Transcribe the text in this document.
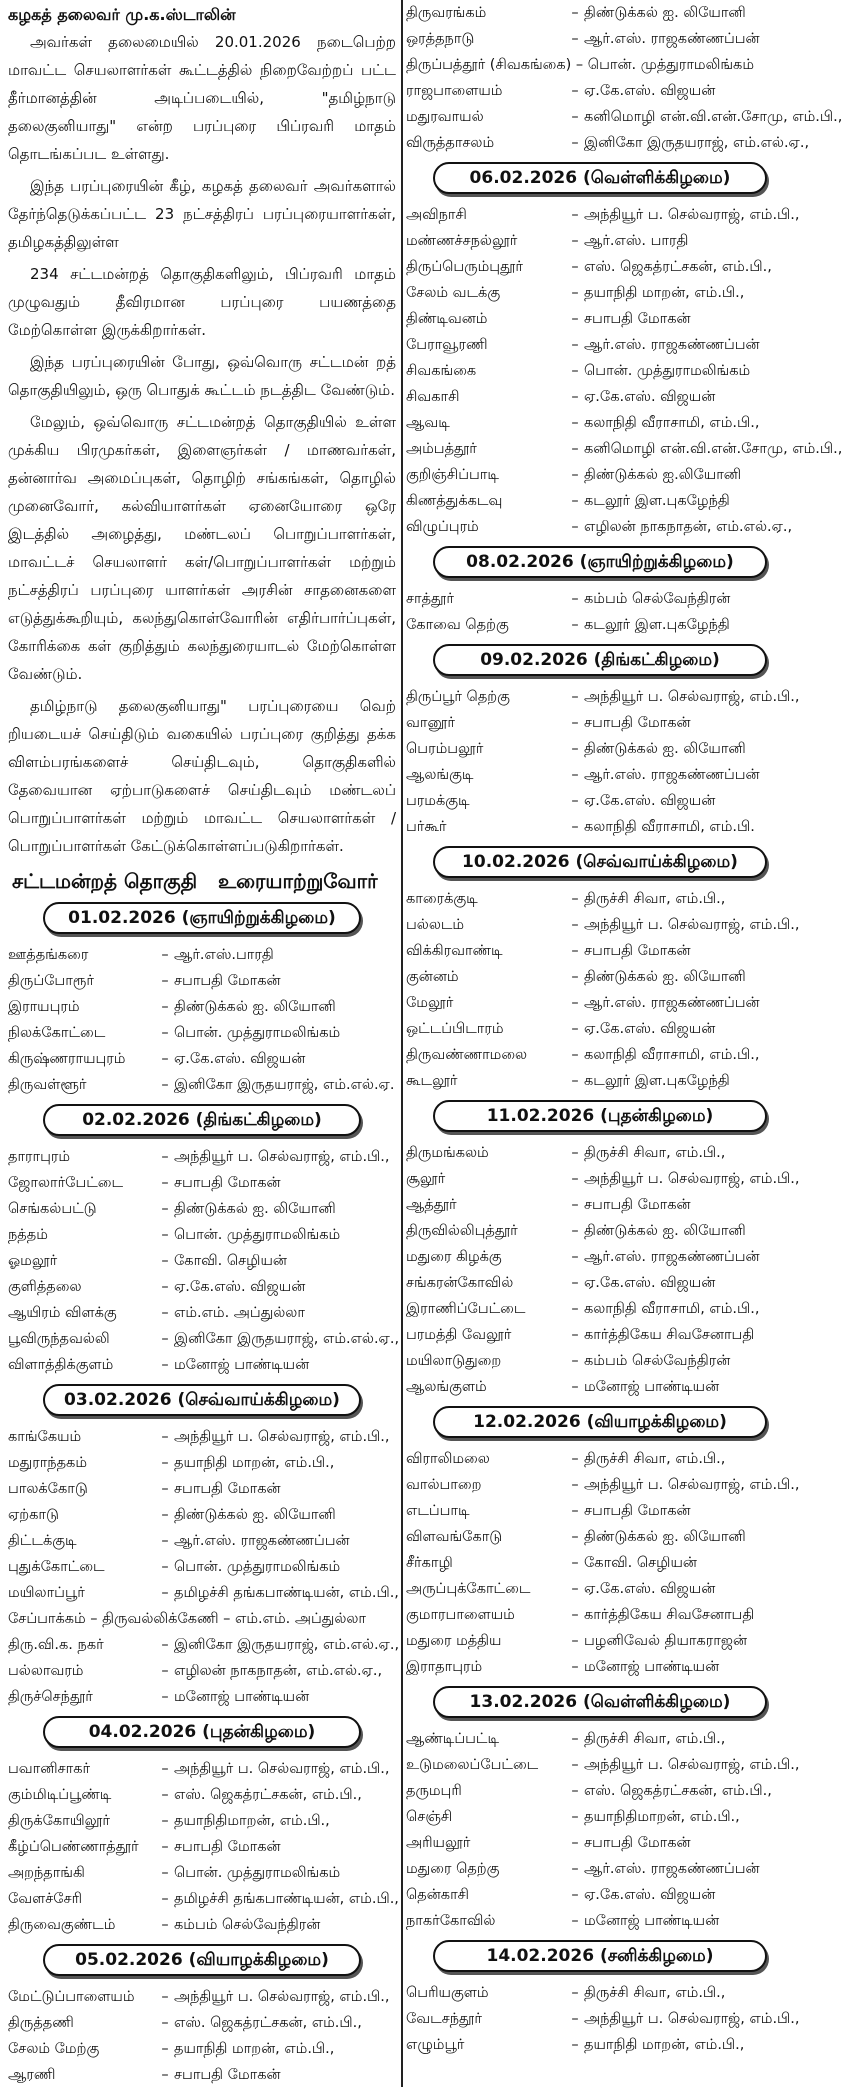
கழகத் தலைவர் மு.க.ஸ்டாலின்

அவர்கள் தலைமையில் 20.01.2026 நடைபெற்ற மாவட்ட செயலாளர்கள் கூட்டத்தில் நிறைவேற்றப் பட்ட தீர்மானத்தின் அடிப்படையில், "தமிழ்நாடு தலைகுனியாது" என்ற பரப்புரை பிப்ரவரி மாதம் தொடங்கப்பட உள்ளது.

இந்த பரப்புரையின் கீழ், கழகத் தலைவர் அவர்களால் தேர்ந்தெடுக்கப்பட்ட 23 நட்சத்திரப் பரப்புரையாளர்கள், தமிழகத்திலுள்ள

234 சட்டமன்றத் தொகுதிகளிலும், பிப்ரவரி மாதம் முழுவதும் தீவிரமான பரப்புரை பயணத்தை மேற்கொள்ள இருக்கிறார்கள்.

இந்த பரப்புரையின் போது, ஒவ்வொரு சட்டமன் றத் தொகுதியிலும், ஒரு பொதுக் கூட்டம் நடத்திட வேண்டும்.

மேலும், ஒவ்வொரு சட்டமன்றத் தொகுதியில் உள்ள முக்கிய பிரமுகர்கள், இளைஞர்கள் / மாணவர்கள், தன்னார்வ அமைப்புகள், தொழிற் சங்கங்கள், தொழில் முனைவோர், கல்வியாளர்கள் ஏனையோரை ஒரே இடத்தில் அழைத்து, மண்டலப் பொறுப்பாளர்கள், மாவட்டச் செயலாளர் கள்/பொறுப்பாளர்கள் மற்றும் நட்சத்திரப் பரப்புரை யாளர்கள் அரசின் சாதனைகளை எடுத்துக்கூறியும், கலந்துகொள்வோரின் எதிர்பார்ப்புகள், கோரிக்கை கள் குறித்தும் கலந்துரையாடல் மேற்கொள்ள வேண்டும்.

தமிழ்நாடு தலைகுனியாது" பரப்புரையை வெற் றியடையச் செய்திடும் வகையில் பரப்புரை குறித்து தக்க விளம்பரங்களைச் செய்திடவும், தொகுதிகளில் தேவையான ஏற்பாடுகளைச் செய்திடவும் மண்டலப் பொறுப்பாளர்கள் மற்றும் மாவட்ட செயலாளர்கள் / பொறுப்பாளர்கள் கேட்டுக்கொள்ளப்படுகிறார்கள்.

சட்டமன்றத் தொகுதி   உரையாற்றுவோர்
01.02.2026 (ஞாயிற்றுக்கிழமை)
ஊத்தங்கரை	– ஆர்.எஸ்.பாரதி
திருப்போரூர்	– சபாபதி மோகன்
இராயபுரம்	– திண்டுக்கல் ஐ. லியோனி
நிலக்கோட்டை	– பொன். முத்துராமலிங்கம்
கிருஷ்ணராயபுரம்	– ஏ.கே.எஸ். விஜயன்
திருவள்ளூர்	– இனிகோ இருதயராஜ், எம்.எல்.ஏ.
02.02.2026 (திங்கட்கிழமை)
தாராபுரம்	– அந்தியூர் ப. செல்வராஜ், எம்.பி.,
ஜோலார்பேட்டை	– சபாபதி மோகன்
செங்கல்பட்டு	– திண்டுக்கல் ஐ. லியோனி
நத்தம்	– பொன். முத்துராமலிங்கம்
ஓமலூர்	– கோவி. செழியன்
குளித்தலை	– ஏ.கே.எஸ். விஜயன்
ஆயிரம் விளக்கு	– எம்.எம். அப்துல்லா
பூவிருந்தவல்லி	– இனிகோ இருதயராஜ், எம்.எல்.ஏ.,
விளாத்திக்குளம்	– மனோஜ் பாண்டியன்
03.02.2026 (செவ்வாய்க்கிழமை)
காங்கேயம்	– அந்தியூர் ப. செல்வராஜ், எம்.பி.,
மதுராந்தகம்	– தயாநிதி மாறன், எம்.பி.,
பாலக்கோடு	– சபாபதி மோகன்
ஏற்காடு	– திண்டுக்கல் ஐ. லியோனி
திட்டக்குடி	– ஆர்.எஸ். ராஜகண்ணப்பன்
புதுக்கோட்டை	– பொன். முத்துராமலிங்கம்
மயிலாப்பூர்	– தமிழச்சி தங்கபாண்டியன், எம்.பி.,
சேப்பாக்கம் – திருவல்லிக்கேணி – எம்.எம். அப்துல்லா
திரு.வி.க. நகர்	– இனிகோ இருதயராஜ், எம்.எல்.ஏ.,
பல்லாவரம்	– எழிலன் நாகநாதன், எம்.எல்.ஏ.,
திருச்செந்தூர்	– மனோஜ் பாண்டியன்
04.02.2026 (புதன்கிழமை)
பவானிசாகர்	– அந்தியூர் ப. செல்வராஜ், எம்.பி.,
கும்மிடிப்பூண்டி	– எஸ். ஜெகத்ரட்சகன், எம்.பி.,
திருக்கோயிலூர்	– தயாநிதிமாறன், எம்.பி.,
கீழ்ப்பெண்ணாத்தூர்	– சபாபதி மோகன்
அறந்தாங்கி	– பொன். முத்துராமலிங்கம்
வேளச்சேரி	– தமிழச்சி தங்கபாண்டியன், எம்.பி.,
திருவைகுண்டம்	– கம்பம் செல்வேந்திரன்
05.02.2026 (வியாழக்கிழமை)
மேட்டுப்பாளையம்	– அந்தியூர் ப. செல்வராஜ், எம்.பி.,
திருத்தணி	– எஸ். ஜெகத்ரட்சகன், எம்.பி.,
சேலம் மேற்கு	– தயாநிதி மாறன், எம்.பி.,
ஆரணி	– சபாபதி மோகன்
திருவரங்கம்	– திண்டுக்கல் ஐ. லியோனி
ஒரத்தநாடு	– ஆர்.எஸ். ராஜகண்ணப்பன்
திருப்பத்தூர் (சிவகங்கை) – பொன். முத்துராமலிங்கம்
ராஜபாளையம்	– ஏ.கே.எஸ். விஜயன்
மதுரவாயல்	– கனிமொழி என்.வி.என்.சோமு, எம்.பி.,
விருத்தாசலம்	– இனிகோ இருதயராஜ், எம்.எல்.ஏ.,
06.02.2026 (வெள்ளிக்கிழமை)
அவிநாசி	– அந்தியூர் ப. செல்வராஜ், எம்.பி.,
மண்ணச்சநல்லூர்	– ஆர்.எஸ். பாரதி
திருப்பெரும்புதூர்	– எஸ். ஜெகத்ரட்சகன், எம்.பி.,
சேலம் வடக்கு	– தயாநிதி மாறன், எம்.பி.,
திண்டிவனம்	– சபாபதி மோகன்
பேராவூரணி	– ஆர்.எஸ். ராஜகண்ணப்பன்
சிவகங்கை	– பொன். முத்துராமலிங்கம்
சிவகாசி	– ஏ.கே.எஸ். விஜயன்
ஆவடி	– கலாநிதி வீராசாமி, எம்.பி.,
அம்பத்தூர்	– கனிமொழி என்.வி.என்.சோமு, எம்.பி.,
குறிஞ்சிப்பாடி	– திண்டுக்கல் ஐ.லியோனி
கிணத்துக்கடவு	– கடலூர் இள.புகழேந்தி
விழுப்புரம்	– எழிலன் நாகநாதன், எம்.எல்.ஏ.,
08.02.2026 (ஞாயிற்றுக்கிழமை)
சாத்தூர்	– கம்பம் செல்வேந்திரன்
கோவை தெற்கு	– கடலூர் இள.புகழேந்தி
09.02.2026 (திங்கட்கிழமை)
திருப்பூர் தெற்கு	– அந்தியூர் ப. செல்வராஜ், எம்.பி.,
வானூர்	– சபாபதி மோகன்
பெரம்பலூர்	– திண்டுக்கல் ஐ. லியோனி
ஆலங்குடி	– ஆர்.எஸ். ராஜகண்ணப்பன்
பரமக்குடி	– ஏ.கே.எஸ். விஜயன்
பர்கூர்	– கலாநிதி வீராசாமி, எம்.பி.
10.02.2026 (செவ்வாய்க்கிழமை)
காரைக்குடி	– திருச்சி சிவா, எம்.பி.,
பல்லடம்	– அந்தியூர் ப. செல்வராஜ், எம்.பி.,
விக்கிரவாண்டி	– சபாபதி மோகன்
குன்னம்	– திண்டுக்கல் ஐ. லியோனி
மேலூர்	– ஆர்.எஸ். ராஜகண்ணப்பன்
ஒட்டப்பிடாரம்	– ஏ.கே.எஸ். விஜயன்
திருவண்ணாமலை	– கலாநிதி வீராசாமி, எம்.பி.,
கூடலூர்	– கடலூர் இள.புகழேந்தி
11.02.2026 (புதன்கிழமை)
திருமங்கலம்	– திருச்சி சிவா, எம்.பி.,
சூலூர்	– அந்தியூர் ப. செல்வராஜ், எம்.பி.,
ஆத்தூர்	– சபாபதி மோகன்
திருவில்லிபுத்தூர்	– திண்டுக்கல் ஐ. லியோனி
மதுரை கிழக்கு	– ஆர்.எஸ். ராஜகண்ணப்பன்
சங்கரன்கோவில்	– ஏ.கே.எஸ். விஜயன்
இராணிப்பேட்டை	– கலாநிதி வீராசாமி, எம்.பி.,
பரமத்தி வேலூர்	– கார்த்திகேய சிவசேனாபதி
மயிலாடுதுறை	– கம்பம் செல்வேந்திரன்
ஆலங்குளம்	– மனோஜ் பாண்டியன்
12.02.2026 (வியாழக்கிழமை)
விராலிமலை	– திருச்சி சிவா, எம்.பி.,
வால்பாறை	– அந்தியூர் ப. செல்வராஜ், எம்.பி.,
எடப்பாடி	– சபாபதி மோகன்
விளவங்கோடு	– திண்டுக்கல் ஐ. லியோனி
சீர்காழி	– கோவி. செழியன்
அருப்புக்கோட்டை	– ஏ.கே.எஸ். விஜயன்
குமாரபாளையம்	– கார்த்திகேய சிவசேனாபதி
மதுரை மத்திய	– பழனிவேல் தியாகராஜன்
இராதாபுரம்	– மனோஜ் பாண்டியன்
13.02.2026 (வெள்ளிக்கிழமை)
ஆண்டிப்பட்டி	– திருச்சி சிவா, எம்.பி.,
உடுமலைப்பேட்டை	– அந்தியூர் ப. செல்வராஜ், எம்.பி.,
தருமபுரி	– எஸ். ஜெகத்ரட்சகன், எம்.பி.,
செஞ்சி	– தயாநிதிமாறன், எம்.பி.,
அரியலூர்	– சபாபதி மோகன்
மதுரை தெற்கு	– ஆர்.எஸ். ராஜகண்ணப்பன்
தென்காசி	– ஏ.கே.எஸ். விஜயன்
நாகர்கோவில்	– மனோஜ் பாண்டியன்
14.02.2026 (சனிக்கிழமை)
பெரியகுளம்	– திருச்சி சிவா, எம்.பி.,
வேடசந்தூர்	– அந்தியூர் ப. செல்வராஜ், எம்.பி.,
எழும்பூர்	– தயாநிதி மாறன், எம்.பி.,
